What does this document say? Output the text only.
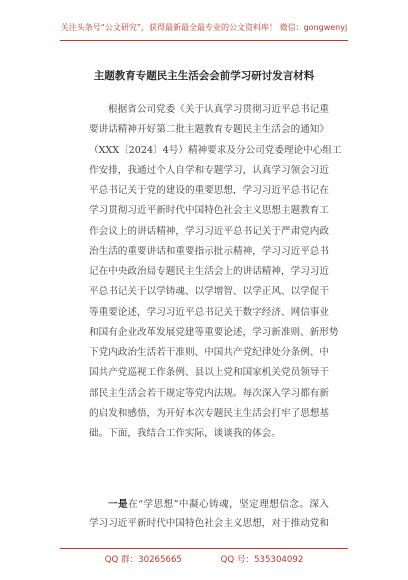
关注头条号“公文研究”，获得最新最全最专业的公文资料库！ 微信：gongwenyj
主题教育专题民主生活会会前学习研讨发言材料
根据省公司党委《关于认真学习贯彻习近平总书记重
要讲话精神开好第二批主题教育专题民主生活会的通知》
（XXX〔2024〕4号）精神要求及分公司党委理论中心组工
作安排，我通过个人自学和专题学习，认真学习领会习近
平总书记关于党的建设的重要思想，学习习近平总书记在
学习贯彻习近平新时代中国特色社会主义思想主题教育工
作会议上的讲话精神，学习习近平总书记关于严肃党内政
治生活的重要讲话和重要指示批示精神，学习习近平总书
记在中央政治局专题民主生活会上的讲话精神，学习习近
平总书记关于以学铸魂、以学增智、以学正风、以学促干
等重要论述，学习习近平总书记关于数字经济、网信事业
和国有企业改革发展党建等重要论述，学习新准则、新形势
下党内政治生活若干准则、中国共产党纪律处分条例、中
国共产党巡视工作条例、县以上党和国家机关党员领导干
部民主生活会若干规定等党内法规。每次深入学习都有新
的启发和感悟，为开好本次专题民主生活会打牢了思想基
础。下面，我结合工作实际，谈谈我的体会。
一是在“学思想”中凝心铸魂，坚定理想信念。深入
学习习近平新时代中国特色社会主义思想，对于推动党和
QQ 群：30265665	QQ 号：535304092
